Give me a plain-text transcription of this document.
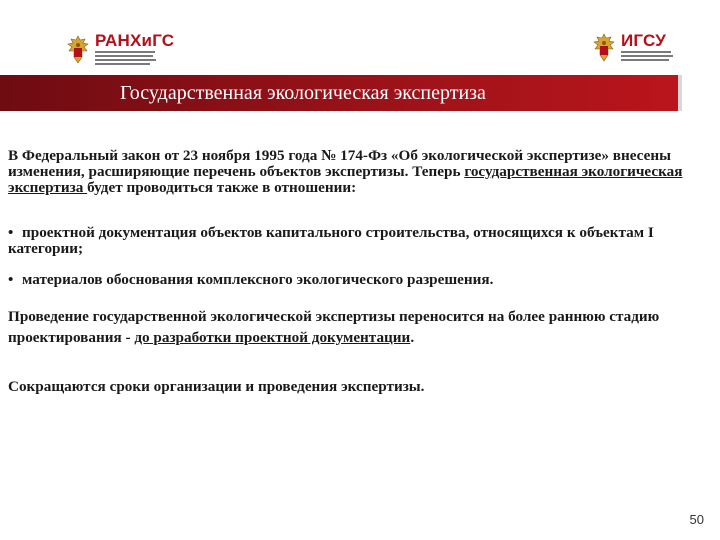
РАНХиГС	ИГСУ
Государственная экологическая экспертиза

В Федеральный закон от 23 ноября 1995 года № 174-Фз «Об экологической экспертизе» внесены изменения, расширяющие перечень объектов экспертизы. Теперь государственная экологическая экспертиза будет проводиться также в отношении:

• проектной документация объектов капитального строительства, относящихся к объектам I категории;

• материалов обоснования комплексного экологического разрешения.

Проведение государственной экологической экспертизы переносится на более раннюю стадию проектирования - до разработки проектной документации.

Сокращаются сроки организации и проведения экспертизы.

50
